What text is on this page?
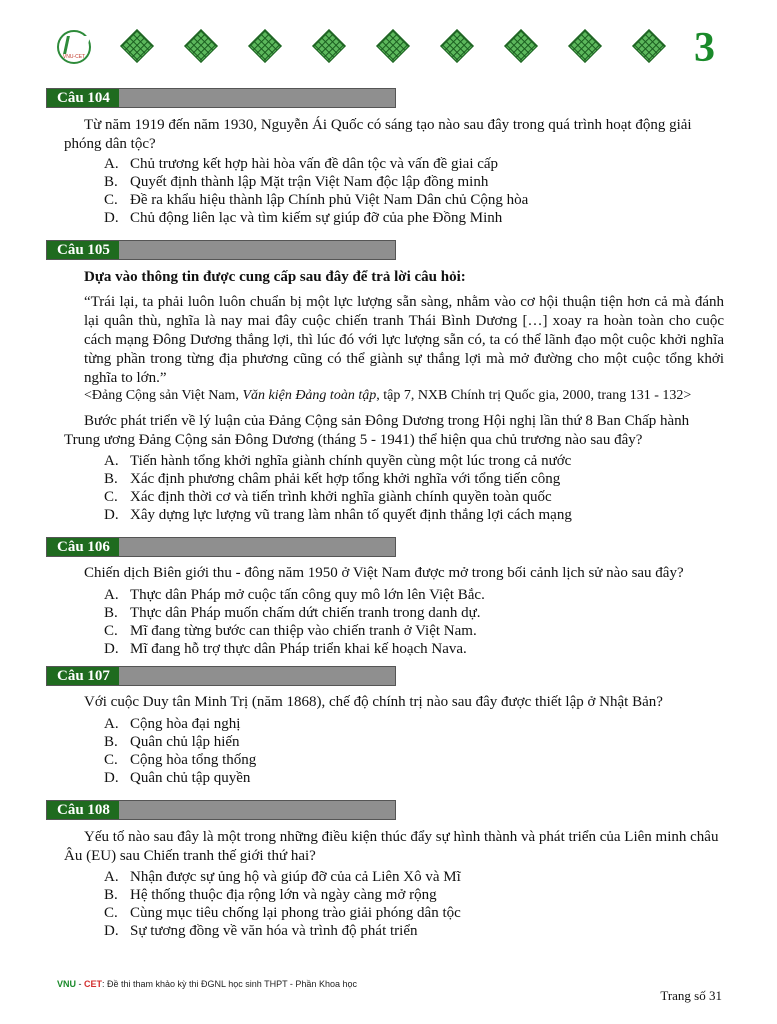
VNU-CET	3
Câu 104
Từ năm 1919 đến năm 1930, Nguyễn Ái Quốc có sáng tạo nào sau đây trong quá trình hoạt động giải phóng dân tộc?
A. Chủ trương kết hợp hài hòa vấn đề dân tộc và vấn đề giai cấp
B. Quyết định thành lập Mặt trận Việt Nam độc lập đồng minh
C. Đề ra khẩu hiệu thành lập Chính phủ Việt Nam Dân chủ Cộng hòa
D. Chủ động liên lạc và tìm kiếm sự giúp đỡ của phe Đồng Minh
Câu 105
Dựa vào thông tin được cung cấp sau đây để trả lời câu hỏi:
“Trái lại, ta phải luôn luôn chuẩn bị một lực lượng sẵn sàng, nhằm vào cơ hội thuận tiện hơn cả mà đánh lại quân thù, nghĩa là nay mai đây cuộc chiến tranh Thái Bình Dương […] xoay ra hoàn toàn cho cuộc cách mạng Đông Dương thắng lợi, thì lúc đó với lực lượng sẵn có, ta có thể lãnh đạo một cuộc khởi nghĩa từng phần trong từng địa phương cũng có thể giành sự thắng lợi mà mở đường cho một cuộc tổng khởi nghĩa to lớn.”
<Đảng Cộng sản Việt Nam, Văn kiện Đảng toàn tập, tập 7, NXB Chính trị Quốc gia, 2000, trang 131 - 132>
Bước phát triển về lý luận của Đảng Cộng sản Đông Dương trong Hội nghị lần thứ 8 Ban Chấp hành Trung ương Đảng Cộng sản Đông Dương (tháng 5 - 1941) thể hiện qua chủ trương nào sau đây?
A. Tiến hành tổng khởi nghĩa giành chính quyền cùng một lúc trong cả nước
B. Xác định phương châm phải kết hợp tổng khởi nghĩa với tổng tiến công
C. Xác định thời cơ và tiến trình khởi nghĩa giành chính quyền toàn quốc
D. Xây dựng lực lượng vũ trang làm nhân tố quyết định thắng lợi cách mạng
Câu 106
Chiến dịch Biên giới thu - đông năm 1950 ở Việt Nam được mở trong bối cảnh lịch sử nào sau đây?
A. Thực dân Pháp mở cuộc tấn công quy mô lớn lên Việt Bắc.
B. Thực dân Pháp muốn chấm dứt chiến tranh trong danh dự.
C. Mĩ đang từng bước can thiệp vào chiến tranh ở Việt Nam.
D. Mĩ đang hỗ trợ thực dân Pháp triển khai kế hoạch Nava.
Câu 107
Với cuộc Duy tân Minh Trị (năm 1868), chế độ chính trị nào sau đây được thiết lập ở Nhật Bản?
A. Cộng hòa đại nghị
B. Quân chủ lập hiến
C. Cộng hòa tổng thống
D. Quân chủ tập quyền
Câu 108
Yếu tố nào sau đây là một trong những điều kiện thúc đẩy sự hình thành và phát triển của Liên minh châu Âu (EU) sau Chiến tranh thế giới thứ hai?
A. Nhận được sự ủng hộ và giúp đỡ của cả Liên Xô và Mĩ
B. Hệ thống thuộc địa rộng lớn và ngày càng mở rộng
C. Cùng mục tiêu chống lại phong trào giải phóng dân tộc
D. Sự tương đồng về văn hóa và trình độ phát triển
VNU - CET: Đề thi tham khảo kỳ thi ĐGNL học sinh THPT - Phần Khoa học
Trang số 31
